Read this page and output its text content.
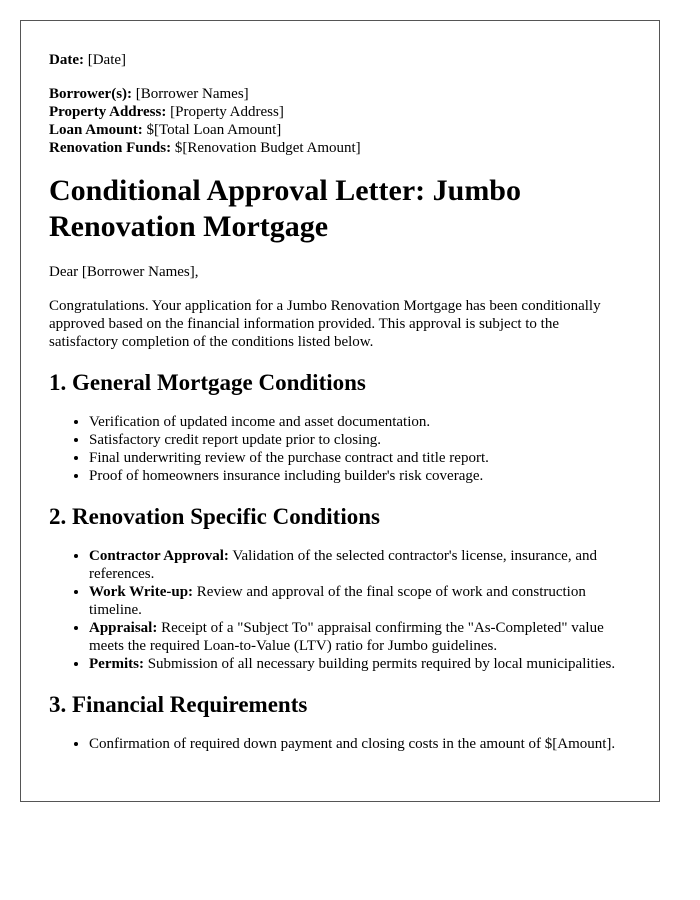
Date: [Date]

Borrower(s): [Borrower Names]

Property Address: [Property Address]

Loan Amount: $[Total Loan Amount]

Renovation Funds: $[Renovation Budget Amount]

Conditional Approval Letter: Jumbo Renovation Mortgage

Dear [Borrower Names],

Congratulations. Your application for a Jumbo Renovation Mortgage has been conditionally approved based on the financial information provided. This approval is subject to the satisfactory completion of the conditions listed below.

1. General Mortgage Conditions
• Verification of updated income and asset documentation.
• Satisfactory credit report update prior to closing.
• Final underwriting review of the purchase contract and title report.
• Proof of homeowners insurance including builder's risk coverage.
2. Renovation Specific Conditions
• Contractor Approval: Validation of the selected contractor's license, insurance, and references.
• Work Write-up: Review and approval of the final scope of work and construction timeline.
• Appraisal: Receipt of a "Subject To" appraisal confirming the "As-Completed" value meets the required Loan-to-Value (LTV) ratio for Jumbo guidelines.
• Permits: Submission of all necessary building permits required by local municipalities.
3. Financial Requirements
• Confirmation of required down payment and closing costs in the amount of $[Amount].
